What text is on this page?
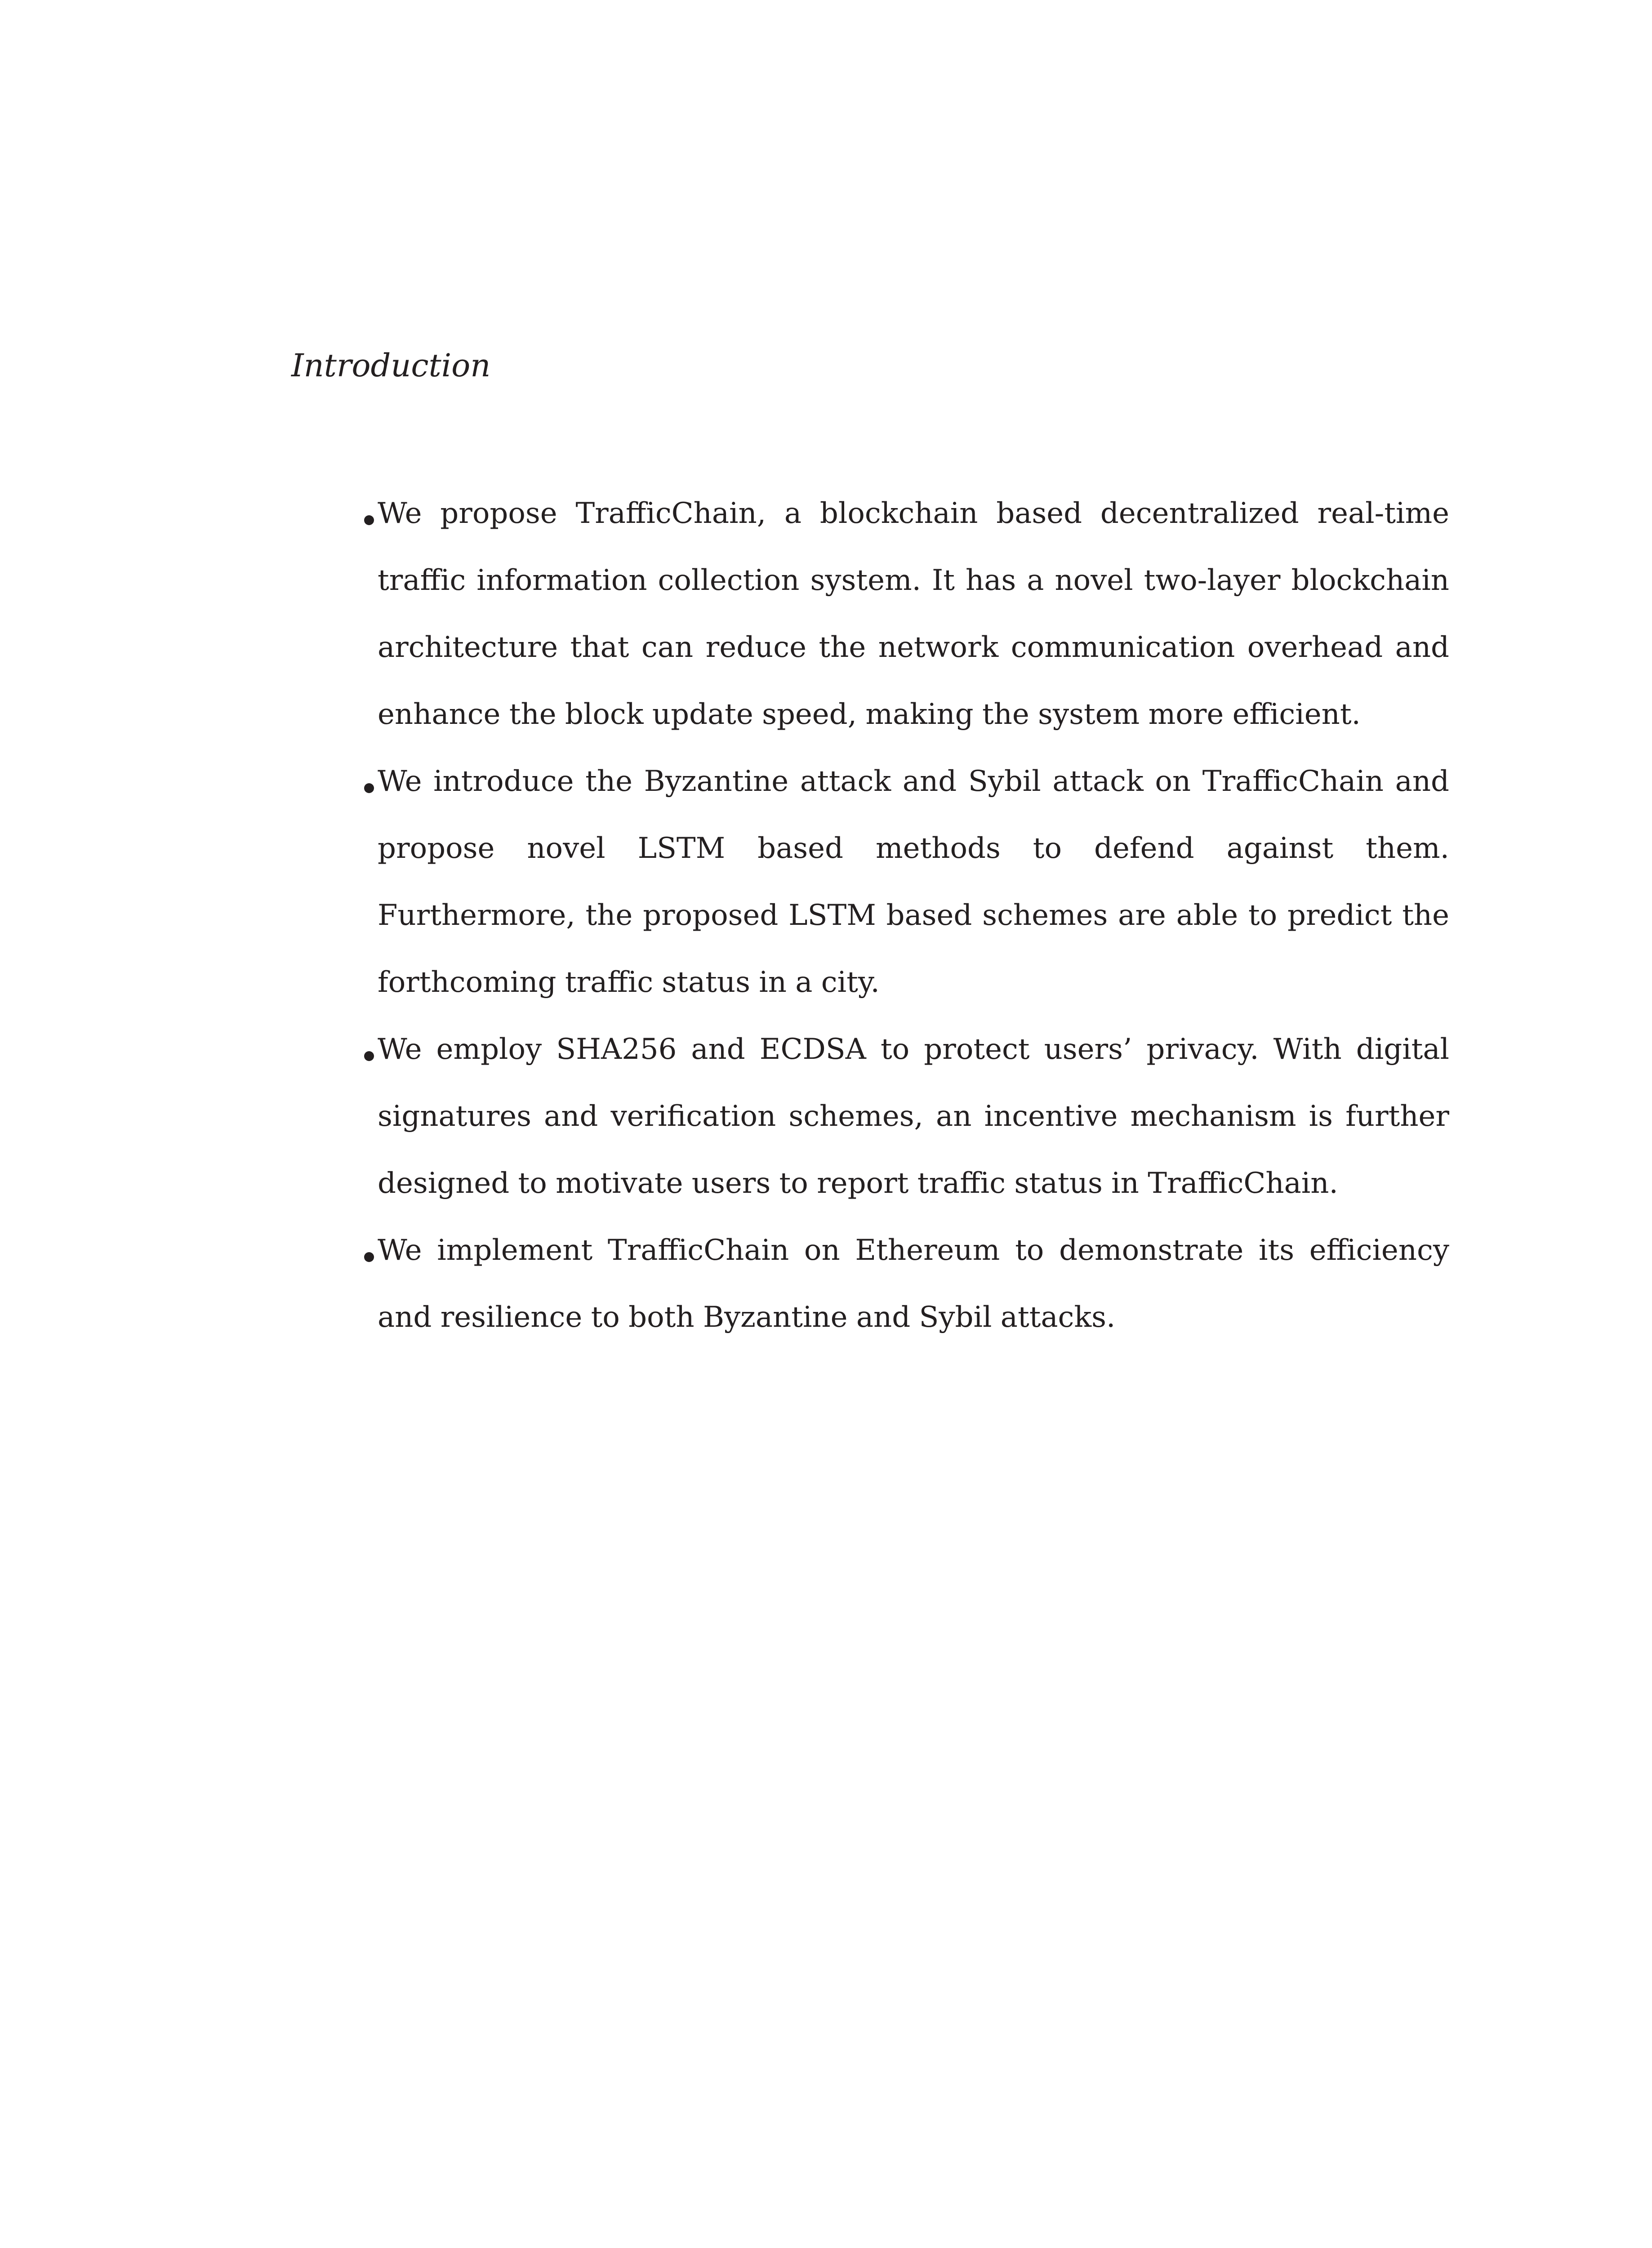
Introduction

We propose TrafficChain, a blockchain based decentralized real-time traffic information collection system. It has a novel two-layer blockchain architecture that can reduce the network communication overhead and enhance the block update speed, making the system more efficient.

We introduce the Byzantine attack and Sybil attack on TrafficChain and propose novel LSTM based methods to defend against them. Furthermore, the proposed LSTM based schemes are able to predict the forthcoming traffic status in a city.

We employ SHA256 and ECDSA to protect users’ privacy. With digital signatures and verification schemes, an incentive mechanism is further designed to motivate users to report traffic status in TrafficChain.

We implement TrafficChain on Ethereum to demonstrate its efficiency and resilience to both Byzantine and Sybil attacks.
